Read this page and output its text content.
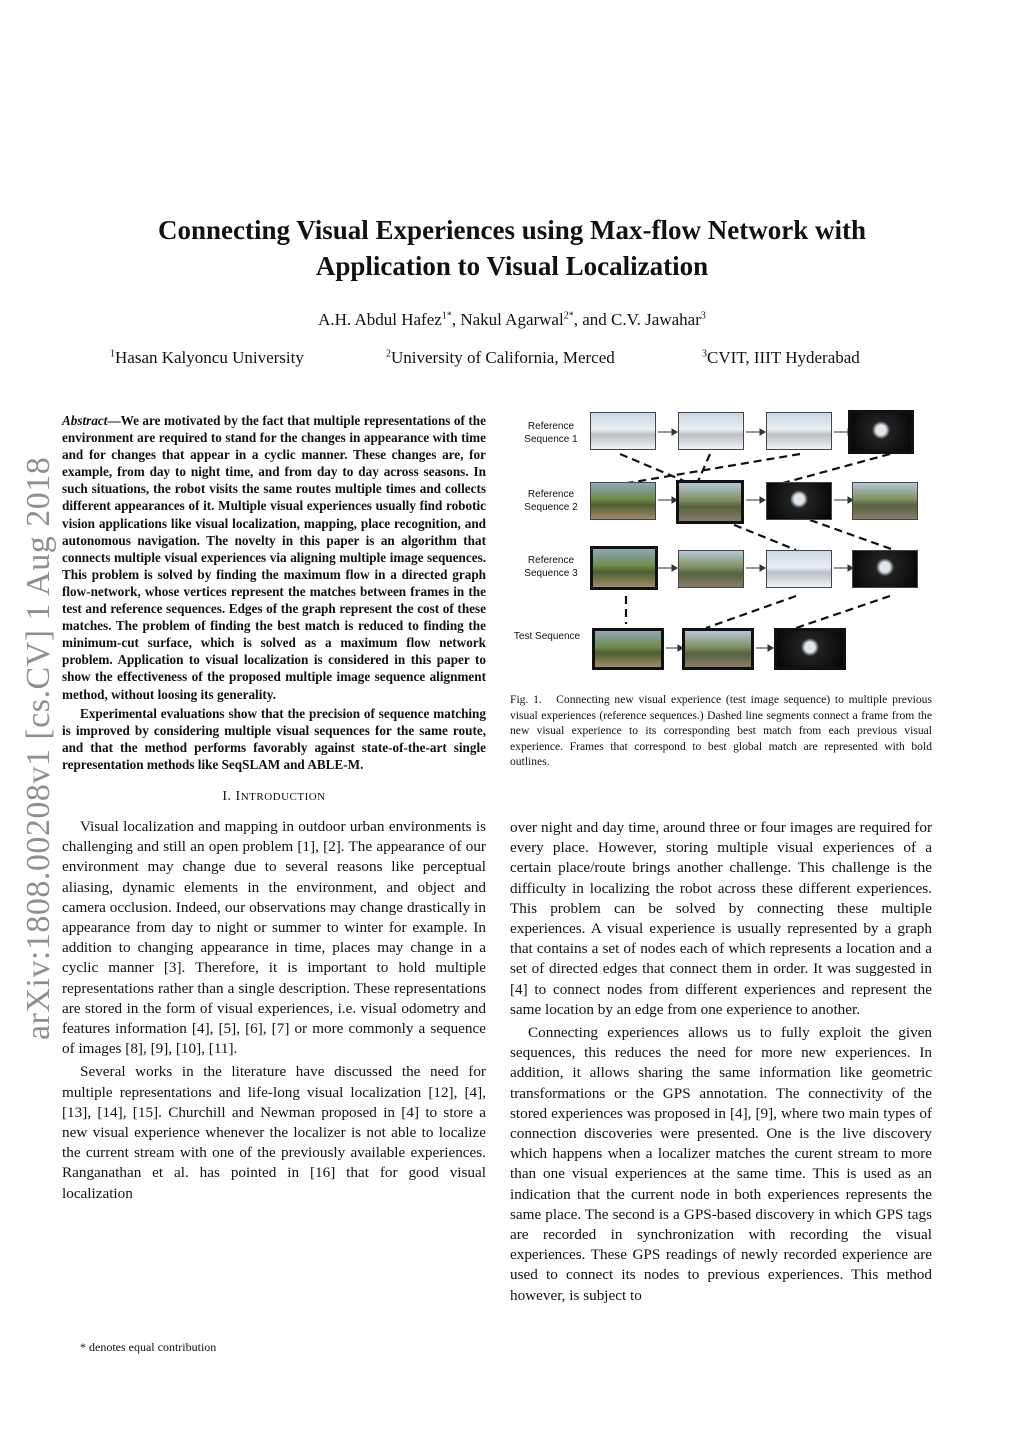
arXiv:1808.00208v1 [cs.CV] 1 Aug 2018
Connecting Visual Experiences using Max-flow Network with
Application to Visual Localization
A.H. Abdul Hafez$^{1*}$, Nakul Agarwal$^{2*}$, and C.V. Jawahar$^3$
$^1$Hasan Kalyoncu University	$^2$University of California, Merced	$^3$CVIT, IIIT Hyderabad

Abstract—We are motivated by the fact that multiple representations of the environment are required to stand for the changes in appearance with time and for changes that appear in a cyclic manner. These changes are, for example, from day to night time, and from day to day across seasons. In such situations, the robot visits the same routes multiple times and collects different appearances of it. Multiple visual experiences usually find robotic vision applications like visual localization, mapping, place recognition, and autonomous navigation. The novelty in this paper is an algorithm that connects multiple visual experiences via aligning multiple image sequences. This problem is solved by finding the maximum flow in a directed graph flow-network, whose vertices represent the matches between frames in the test and reference sequences. Edges of the graph represent the cost of these matches. The problem of finding the best match is reduced to finding the minimum-cut surface, which is solved as a maximum flow network problem. Application to visual localization is considered in this paper to show the effectiveness of the proposed multiple image sequence alignment method, without loosing its generality.

Experimental evaluations show that the precision of sequence matching is improved by considering multiple visual sequences for the same route, and that the method performs favorably against state-of-the-art single representation methods like SeqSLAM and ABLE-M.

I. INTRODUCTION

Visual localization and mapping in outdoor urban environments is challenging and still an open problem [1], [2]. The appearance of our environment may change due to several reasons like perceptual aliasing, dynamic elements in the environment, and object and camera occlusion. Indeed, our observations may change drastically in appearance from day to night or summer to winter for example. In addition to changing appearance in time, places may change in a cyclic manner [3]. Therefore, it is important to hold multiple representations rather than a single description. These representations are stored in the form of visual experiences, i.e. visual odometry and features information [4], [5], [6], [7] or more commonly a sequence of images [8], [9], [10], [11].

Several works in the literature have discussed the need for multiple representations and life-long visual localization [12], [4], [13], [14], [15]. Churchill and Newman proposed in [4] to store a new visual experience whenever the localizer is not able to localize the current stream with one of the previously available experiences. Ranganathan et al. has pointed in [16] that for good visual localization

* denotes equal contribution
Reference Sequence 1
Reference Sequence 2
Reference Sequence 3
Test Sequence
Fig. 1. Connecting new visual experience (test image sequence) to multiple previous visual experiences (reference sequences.) Dashed line segments connect a frame from the new visual experience to its corresponding best match from each previous visual experience. Frames that correspond to best global match are represented with bold outlines.

over night and day time, around three or four images are required for every place. However, storing multiple visual experiences of a certain place/route brings another challenge. This challenge is the difficulty in localizing the robot across these different experiences. This problem can be solved by connecting these multiple experiences. A visual experience is usually represented by a graph that contains a set of nodes each of which represents a location and a set of directed edges that connect them in order. It was suggested in [4] to connect nodes from different experiences and represent the same location by an edge from one experience to another.

Connecting experiences allows us to fully exploit the given sequences, this reduces the need for more new experiences. In addition, it allows sharing the same information like geometric transformations or the GPS annotation. The connectivity of the stored experiences was proposed in [4], [9], where two main types of connection discoveries were presented. One is the live discovery which happens when a localizer matches the curent stream to more than one visual experiences at the same time. This is used as an indication that the current node in both experiences represents the same place. The second is a GPS-based discovery in which GPS tags are recorded in synchronization with recording the visual experiences. These GPS readings of newly recorded experience are used to connect its nodes to previous experiences. This method however, is subject to
